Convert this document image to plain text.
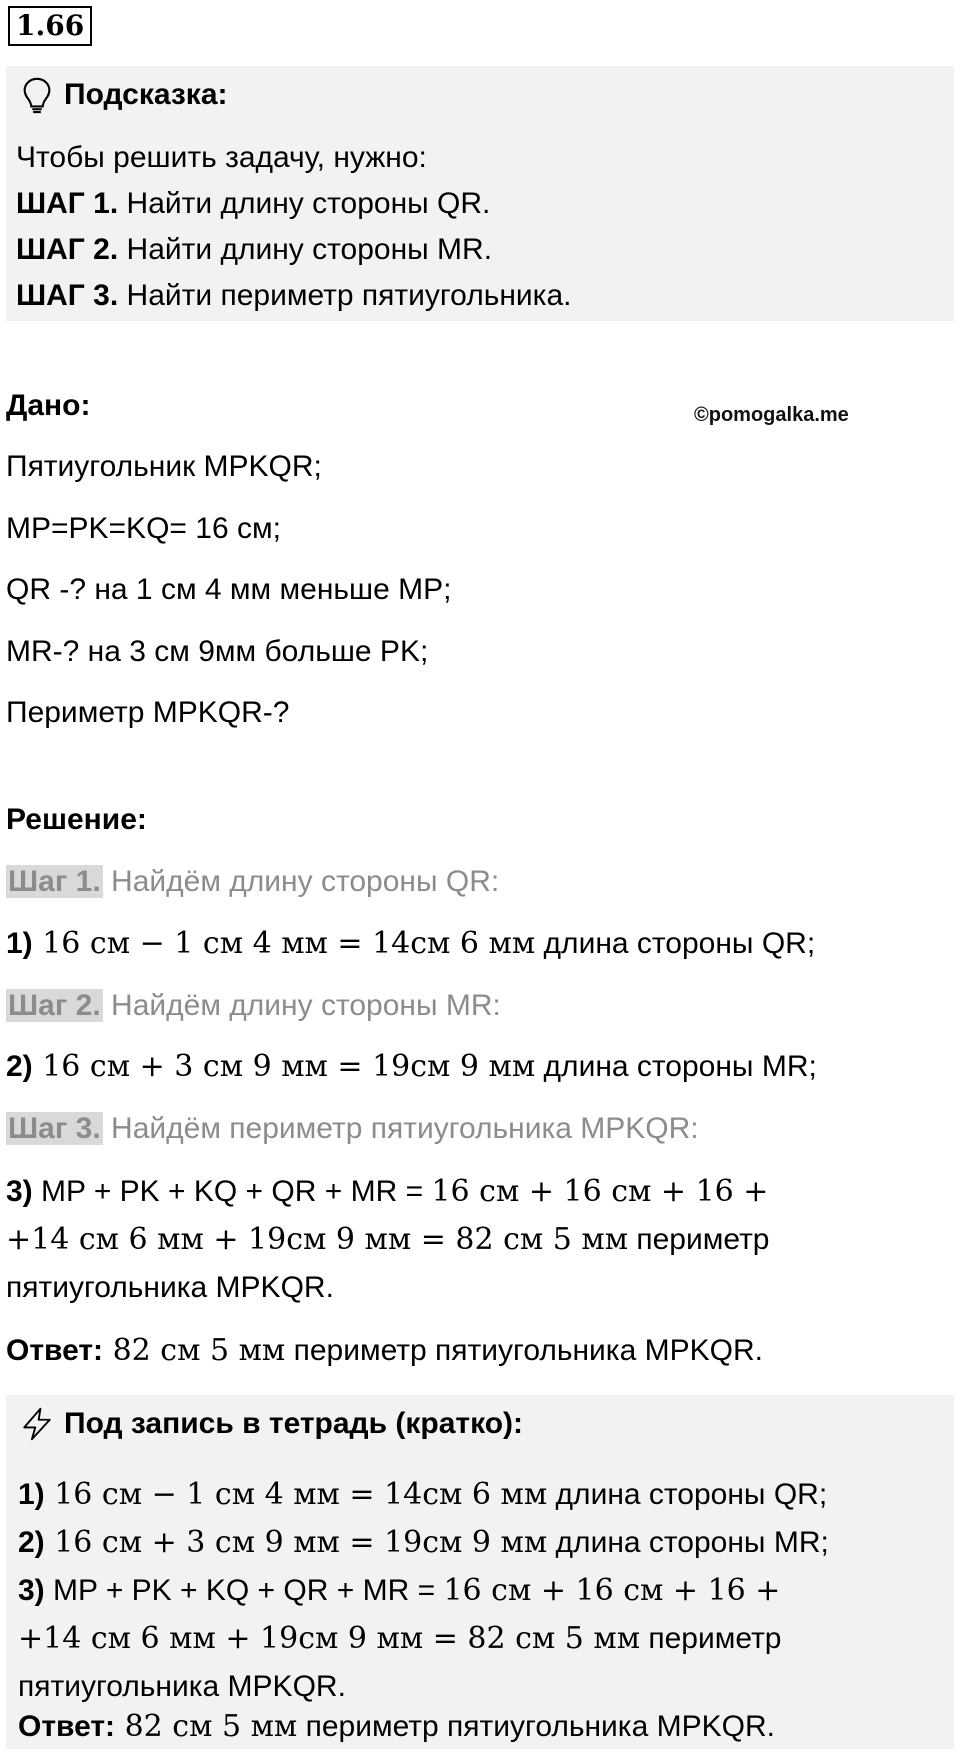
1.66
Подсказка:
Чтобы решить задачу, нужно:
ШАГ 1. Найти длину стороны QR.
ШАГ 2. Найти длину стороны MR.
ШАГ 3. Найти периметр пятиугольника.
Дано:	©pomogalka.me
Пятиугольник MPKQR;
MP=PK=KQ= 16 см;
QR -? на 1 см 4 мм меньше MP;
MR-? на 3 см 9мм больше PK;
Периметр MPKQR-?
Решение:
Шаг 1. Найдём длину стороны QR:
1) 16 см − 1 см 4 мм = 14см 6 мм длина стороны QR;
Шаг 2. Найдём длину стороны MR:
2) 16 см + 3 см 9 мм = 19см 9 мм длина стороны MR;
Шаг 3. Найдём периметр пятиугольника MPKQR:
3) MP + PK + KQ + QR + MR = 16 см + 16 см + 16 +
+14 см 6 мм + 19см 9 мм = 82 см 5 мм периметр
пятиугольника MPKQR.
Ответ: 82 см 5 мм периметр пятиугольника MPKQR.
Под запись в тетрадь (кратко):
1) 16 см − 1 см 4 мм = 14см 6 мм длина стороны QR;
2) 16 см + 3 см 9 мм = 19см 9 мм длина стороны MR;
3) MP + PK + KQ + QR + MR = 16 см + 16 см + 16 +
+14 см 6 мм + 19см 9 мм = 82 см 5 мм периметр
пятиугольника MPKQR.
Ответ: 82 см 5 мм периметр пятиугольника MPKQR.
